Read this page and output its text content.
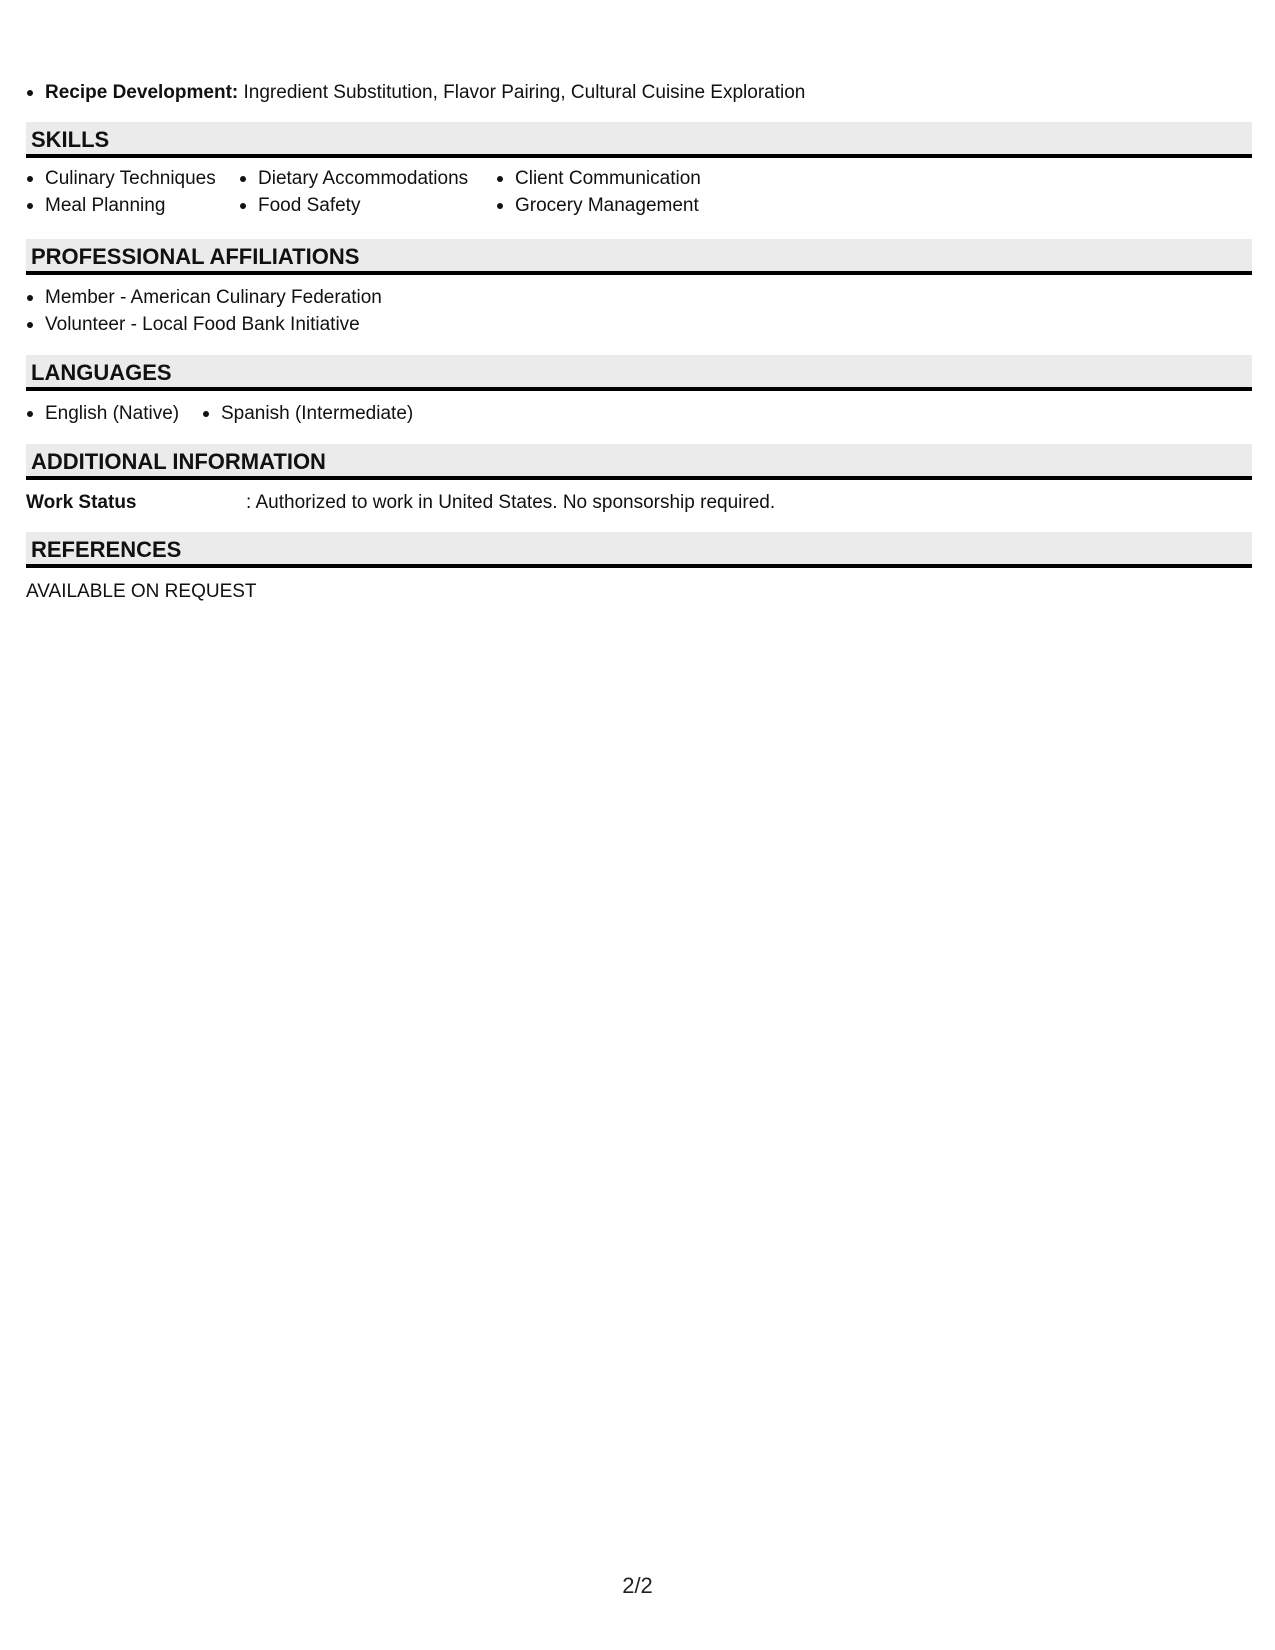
Recipe Development: Ingredient Substitution, Flavor Pairing, Cultural Cuisine Exploration
SKILLS
Culinary Techniques
Meal Planning
Dietary Accommodations
Food Safety
Client Communication
Grocery Management
PROFESSIONAL AFFILIATIONS
Member - American Culinary Federation
Volunteer - Local Food Bank Initiative
LANGUAGES
English (Native)	Spanish (Intermediate)
ADDITIONAL INFORMATION
Work Status	: Authorized to work in United States. No sponsorship required.
REFERENCES
AVAILABLE ON REQUEST
2/2
